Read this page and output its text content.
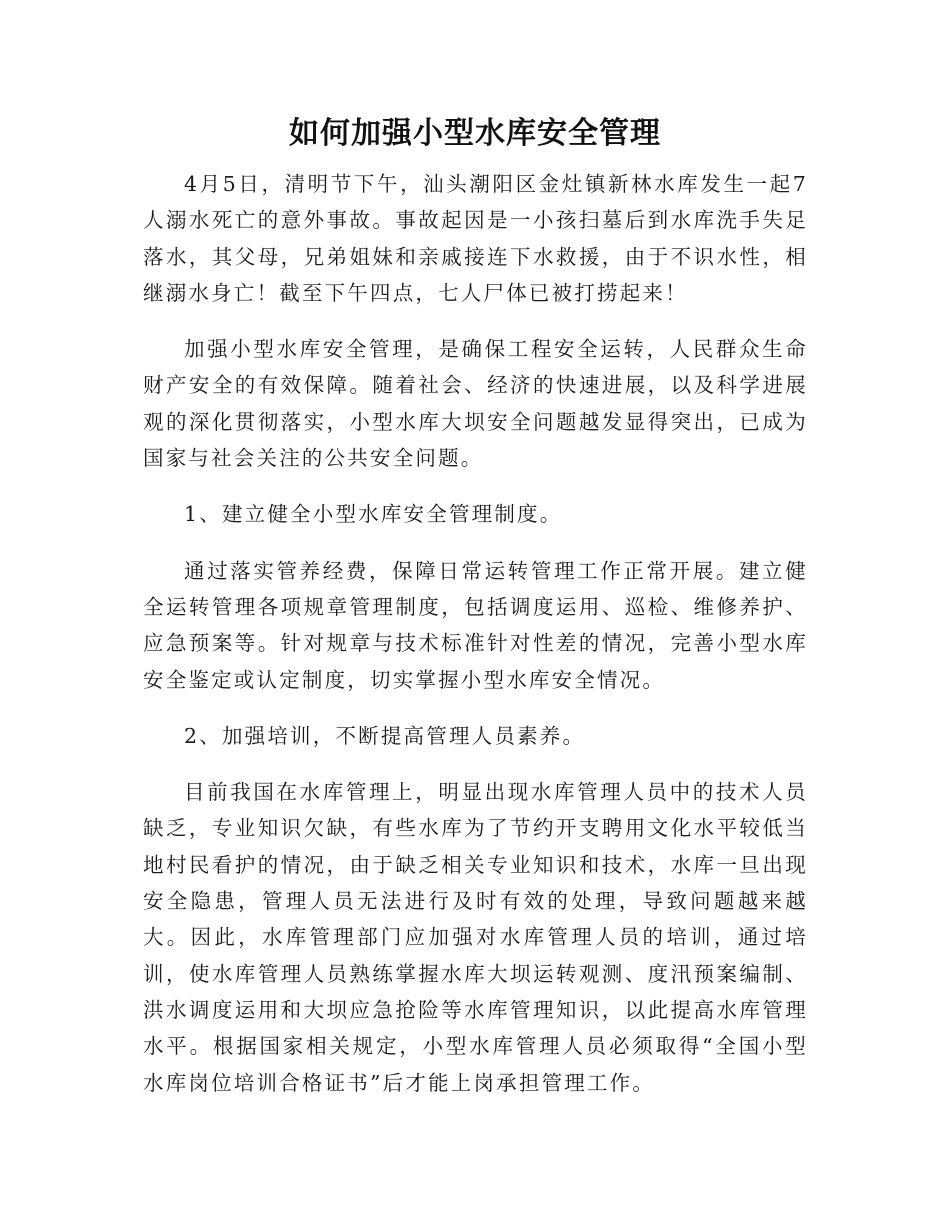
如何加强小型水库安全管理

4月5日，清明节下午，汕头潮阳区金灶镇新林水库发生一起7人溺水死亡的意外事故。事故起因是一小孩扫墓后到水库洗手失足落水，其父母，兄弟姐妹和亲戚接连下水救援，由于不识水性，相继溺水身亡！截至下午四点，七人尸体已被打捞起来！

加强小型水库安全管理，是确保工程安全运转，人民群众生命财产安全的有效保障。随着社会、经济的快速进展，以及科学进展观的深化贯彻落实，小型水库大坝安全问题越发显得突出，已成为国家与社会关注的公共安全问题。

1、建立健全小型水库安全管理制度。

通过落实管养经费，保障日常运转管理工作正常开展。建立健全运转管理各项规章管理制度，包括调度运用、巡检、维修养护、应急预案等。针对规章与技术标准针对性差的情况，完善小型水库安全鉴定或认定制度，切实掌握小型水库安全情况。

2、加强培训，不断提高管理人员素养。

目前我国在水库管理上，明显出现水库管理人员中的技术人员缺乏，专业知识欠缺，有些水库为了节约开支聘用文化水平较低当地村民看护的情况，由于缺乏相关专业知识和技术，水库一旦出现安全隐患，管理人员无法进行及时有效的处理，导致问题越来越大。因此，水库管理部门应加强对水库管理人员的培训，通过培训，使水库管理人员熟练掌握水库大坝运转观测、度汛预案编制、洪水调度运用和大坝应急抢险等水库管理知识，以此提高水库管理水平。根据国家相关规定，小型水库管理人员必须取得“全国小型水库岗位培训合格证书”后才能上岗承担管理工作。
